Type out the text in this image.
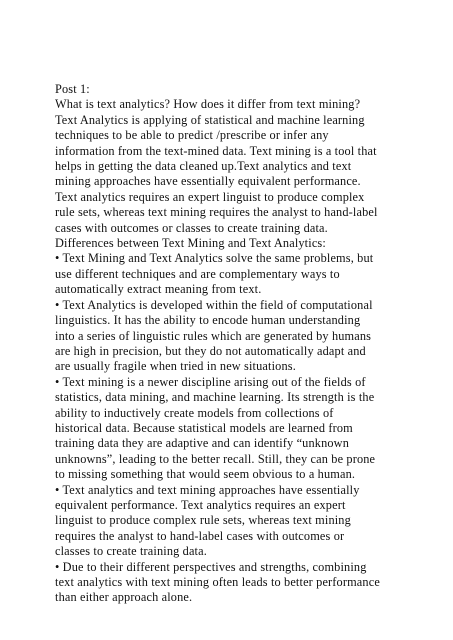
Post 1:
What is text analytics? How does it differ from text mining?
Text Analytics is applying of statistical and machine learning
techniques to be able to predict /prescribe or infer any
information from the text-mined data. Text mining is a tool that
helps in getting the data cleaned up.Text analytics and text
mining approaches have essentially equivalent performance.
Text analytics requires an expert linguist to produce complex
rule sets, whereas text mining requires the analyst to hand-label
cases with outcomes or classes to create training data.
Differences between Text Mining and Text Analytics:
• Text Mining and Text Analytics solve the same problems, but
use different techniques and are complementary ways to
automatically extract meaning from text.
• Text Analytics is developed within the field of computational
linguistics. It has the ability to encode human understanding
into a series of linguistic rules which are generated by humans
are high in precision, but they do not automatically adapt and
are usually fragile when tried in new situations.
• Text mining is a newer discipline arising out of the fields of
statistics, data mining, and machine learning. Its strength is the
ability to inductively create models from collections of
historical data. Because statistical models are learned from
training data they are adaptive and can identify “unknown
unknowns”, leading to the better recall. Still, they can be prone
to missing something that would seem obvious to a human.
• Text analytics and text mining approaches have essentially
equivalent performance. Text analytics requires an expert
linguist to produce complex rule sets, whereas text mining
requires the analyst to hand-label cases with outcomes or
classes to create training data.
• Due to their different perspectives and strengths, combining
text analytics with text mining often leads to better performance
than either approach alone.
